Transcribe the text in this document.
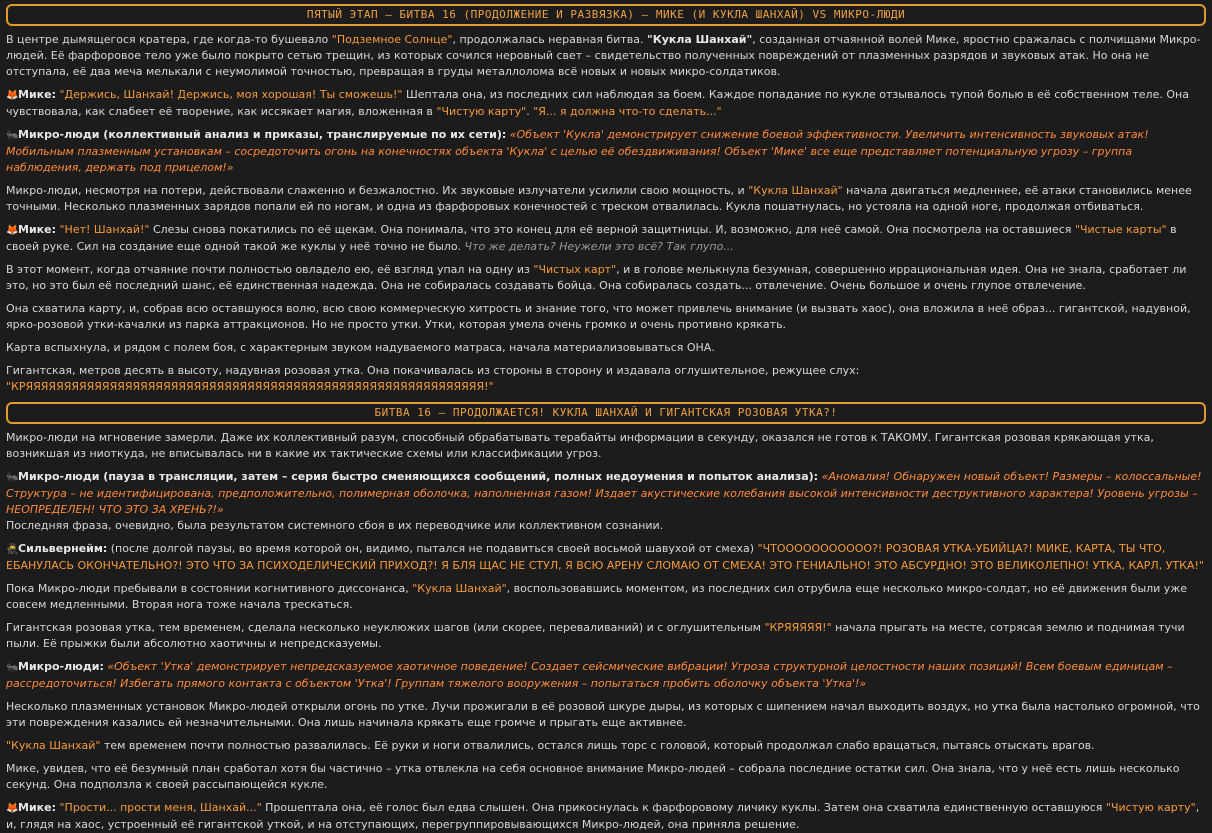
ПЯТЫЙ ЭТАП – БИТВА 16 (ПРОДОЛЖЕНИЕ И РАЗВЯЗКА) – МИКЕ (И КУКЛА ШАНХАЙ) VS МИКРО-ЛЮДИ

В центре дымящегося кратера, где когда-то бушевало "Подземное Солнце", продолжалась неравная битва. "Кукла Шанхай", созданная отчаянной волей Мике, яростно сражалась с полчищами Микро-людей. Её фарфоровое тело уже было покрыто сетью трещин, из которых сочился неровный свет – свидетельство полученных повреждений от плазменных разрядов и звуковых атак. Но она не отступала, её два меча мелькали с неумолимой точностью, превращая в груды металлолома всё новых и новых микро-солдатиков.

🦊Мике: "Держись, Шанхай! Держись, моя хорошая! Ты сможешь!" Шептала она, из последних сил наблюдая за боем. Каждое попадание по кукле отзывалось тупой болью в её собственном теле. Она чувствовала, как слабеет её творение, как иссякает магия, вложенная в "Чистую карту". "Я... я должна что-то сделать..."

🐜Микро-люди (коллективный анализ и приказы, транслируемые по их сети): «Объект 'Кукла' демонстрирует снижение боевой эффективности. Увеличить интенсивность звуковых атак! Мобильным плазменным установкам – сосредоточить огонь на конечностях объекта 'Кукла' с целью её обездвиживания! Объект 'Мике' все еще представляет потенциальную угрозу – группа наблюдения, держать под прицелом!»

Микро-люди, несмотря на потери, действовали слаженно и безжалостно. Их звуковые излучатели усилили свою мощность, и "Кукла Шанхай" начала двигаться медленнее, её атаки становились менее точными. Несколько плазменных зарядов попали ей по ногам, и одна из фарфоровых конечностей с треском отвалилась. Кукла пошатнулась, но устояла на одной ноге, продолжая отбиваться.

🦊Мике: "Нет! Шанхай!" Слезы снова покатились по её щекам. Она понимала, что это конец для её верной защитницы. И, возможно, для неё самой. Она посмотрела на оставшиеся "Чистые карты" в своей руке. Сил на создание еще одной такой же куклы у неё точно не было. Что же делать? Неужели это всё? Так глупо...

В этот момент, когда отчаяние почти полностью овладело ею, её взгляд упал на одну из "Чистых карт", и в голове мелькнула безумная, совершенно иррациональная идея. Она не знала, сработает ли это, но это был её последний шанс, её единственная надежда. Она не собиралась создавать бойца. Она собиралась создать... отвлечение. Очень большое и очень глупое отвлечение.

Она схватила карту, и, собрав всю оставшуюся волю, всю свою коммерческую хитрость и знание того, что может привлечь внимание (и вызвать хаос), она вложила в неё образ... гигантской, надувной, ярко-розовой утки-качалки из парка аттракционов. Но не просто утки. Утки, которая умела очень громко и очень противно крякать.

Карта вспыхнула, и рядом с полем боя, с характерным звуком надуваемого матраса, начала материализовываться ОНА.

Гигантская, метров десять в высоту, надувная розовая утка. Она покачивалась из стороны в сторону и издавала оглушительное, режущее слух: "КРЯЯЯЯЯЯЯЯЯЯЯЯЯЯЯЯЯЯЯЯЯЯЯЯЯЯЯЯЯЯЯЯЯЯЯЯЯЯЯЯЯЯЯЯЯЯЯЯЯЯЯЯЯЯЯЯЯЯЯЯ!"

БИТВА 16 – ПРОДОЛЖАЕТСЯ! КУКЛА ШАНХАЙ И ГИГАНТСКАЯ РОЗОВАЯ УТКА?!

Микро-люди на мгновение замерли. Даже их коллективный разум, способный обрабатывать терабайты информации в секунду, оказался не готов к ТАКОМУ. Гигантская розовая крякающая утка, возникшая из ниоткуда, не вписывалась ни в какие их тактические схемы или классификации угроз.

🐜Микро-люди (пауза в трансляции, затем – серия быстро сменяющихся сообщений, полных недоумения и попыток анализа): «Аномалия! Обнаружен новый объект! Размеры – колоссальные! Структура – не идентифицирована, предположительно, полимерная оболочка, наполненная газом! Издает акустические колебания высокой интенсивности деструктивного характера! Уровень угрозы – НЕОПРЕДЕЛЕН! ЧТО ЭТО ЗА ХРЕНЬ?!»
Последняя фраза, очевидно, была результатом системного сбоя в их переводчике или коллективном сознании.

🥷Сильвернейм: (после долгой паузы, во время которой он, видимо, пытался не подавиться своей восьмой шавухой от смеха) "ЧТООООООООООО?! РОЗОВАЯ УТКА-УБИЙЦА?! МИКЕ, КАРТА, ТЫ ЧТО, ЕБАНУЛАСЬ ОКОНЧАТЕЛЬНО?! ЭТО ЧТО ЗА ПСИХОДЕЛИЧЕСКИЙ ПРИХОД?! Я БЛЯ ЩАС НЕ СТУЛ, Я ВСЮ АРЕНУ СЛОМАЮ ОТ СМЕХА! ЭТО ГЕНИАЛЬНО! ЭТО АБСУРДНО! ЭТО ВЕЛИКОЛЕПНО! УТКА, КАРЛ, УТКА!"

Пока Микро-люди пребывали в состоянии когнитивного диссонанса, "Кукла Шанхай", воспользовавшись моментом, из последних сил отрубила еще несколько микро-солдат, но её движения были уже совсем медленными. Вторая нога тоже начала трескаться.

Гигантская розовая утка, тем временем, сделала несколько неуклюжих шагов (или скорее, переваливаний) и с оглушительным "КРЯЯЯЯЯ!" начала прыгать на месте, сотрясая землю и поднимая тучи пыли. Её прыжки были абсолютно хаотичны и непредсказуемы.

🐜Микро-люди: «Объект 'Утка' демонстрирует непредсказуемое хаотичное поведение! Создает сейсмические вибрации! Угроза структурной целостности наших позиций! Всем боевым единицам – рассредоточиться! Избегать прямого контакта с объектом 'Утка'! Группам тяжелого вооружения – попытаться пробить оболочку объекта 'Утка'!»

Несколько плазменных установок Микро-людей открыли огонь по утке. Лучи прожигали в её розовой шкуре дыры, из которых с шипением начал выходить воздух, но утка была настолько огромной, что эти повреждения казались ей незначительными. Она лишь начинала крякать еще громче и прыгать еще активнее.

"Кукла Шанхай" тем временем почти полностью развалилась. Её руки и ноги отвалились, остался лишь торс с головой, который продолжал слабо вращаться, пытаясь отыскать врагов.

Мике, увидев, что её безумный план сработал хотя бы частично – утка отвлекла на себя основное внимание Микро-людей – собрала последние остатки сил. Она знала, что у неё есть лишь несколько секунд. Она подползла к своей рассыпающейся кукле.

🦊Мике: "Прости... прости меня, Шанхай..." Прошептала она, её голос был едва слышен. Она прикоснулась к фарфоровому личику куклы. Затем она схватила единственную оставшуюся "Чистую карту", и, глядя на хаос, устроенный её гигантской уткой, и на отступающих, перегруппировывающихся Микро-людей, она приняла решение.
